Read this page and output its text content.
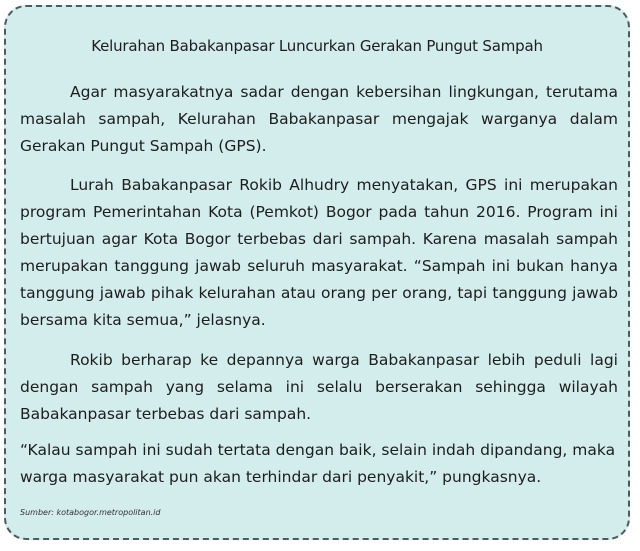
Kelurahan Babakanpasar Luncurkan Gerakan Pungut Sampah

Agar masyarakatnya sadar dengan kebersihan lingkungan, terutama masalah sampah, Kelurahan Babakanpasar mengajak warganya dalam Gerakan Pungut Sampah (GPS).

Lurah Babakanpasar Rokib Alhudry menyatakan, GPS ini merupakan program Pemerintahan Kota (Pemkot) Bogor pada tahun 2016. Program ini bertujuan agar Kota Bogor terbebas dari sampah. Karena masalah sampah merupakan tanggung jawab seluruh masyarakat. “Sampah ini bukan hanya tanggung jawab pihak kelurahan atau orang per orang, tapi tanggung jawab bersama kita semua,” jelasnya.

Rokib berharap ke depannya warga Babakanpasar lebih peduli lagi dengan sampah yang selama ini selalu berserakan sehingga wilayah Babakanpasar terbebas dari sampah.

“Kalau sampah ini sudah tertata dengan baik, selain indah dipandang, maka warga masyarakat pun akan terhindar dari penyakit,” pungkasnya.

Sumber: kotabogor.metropolitan.id
